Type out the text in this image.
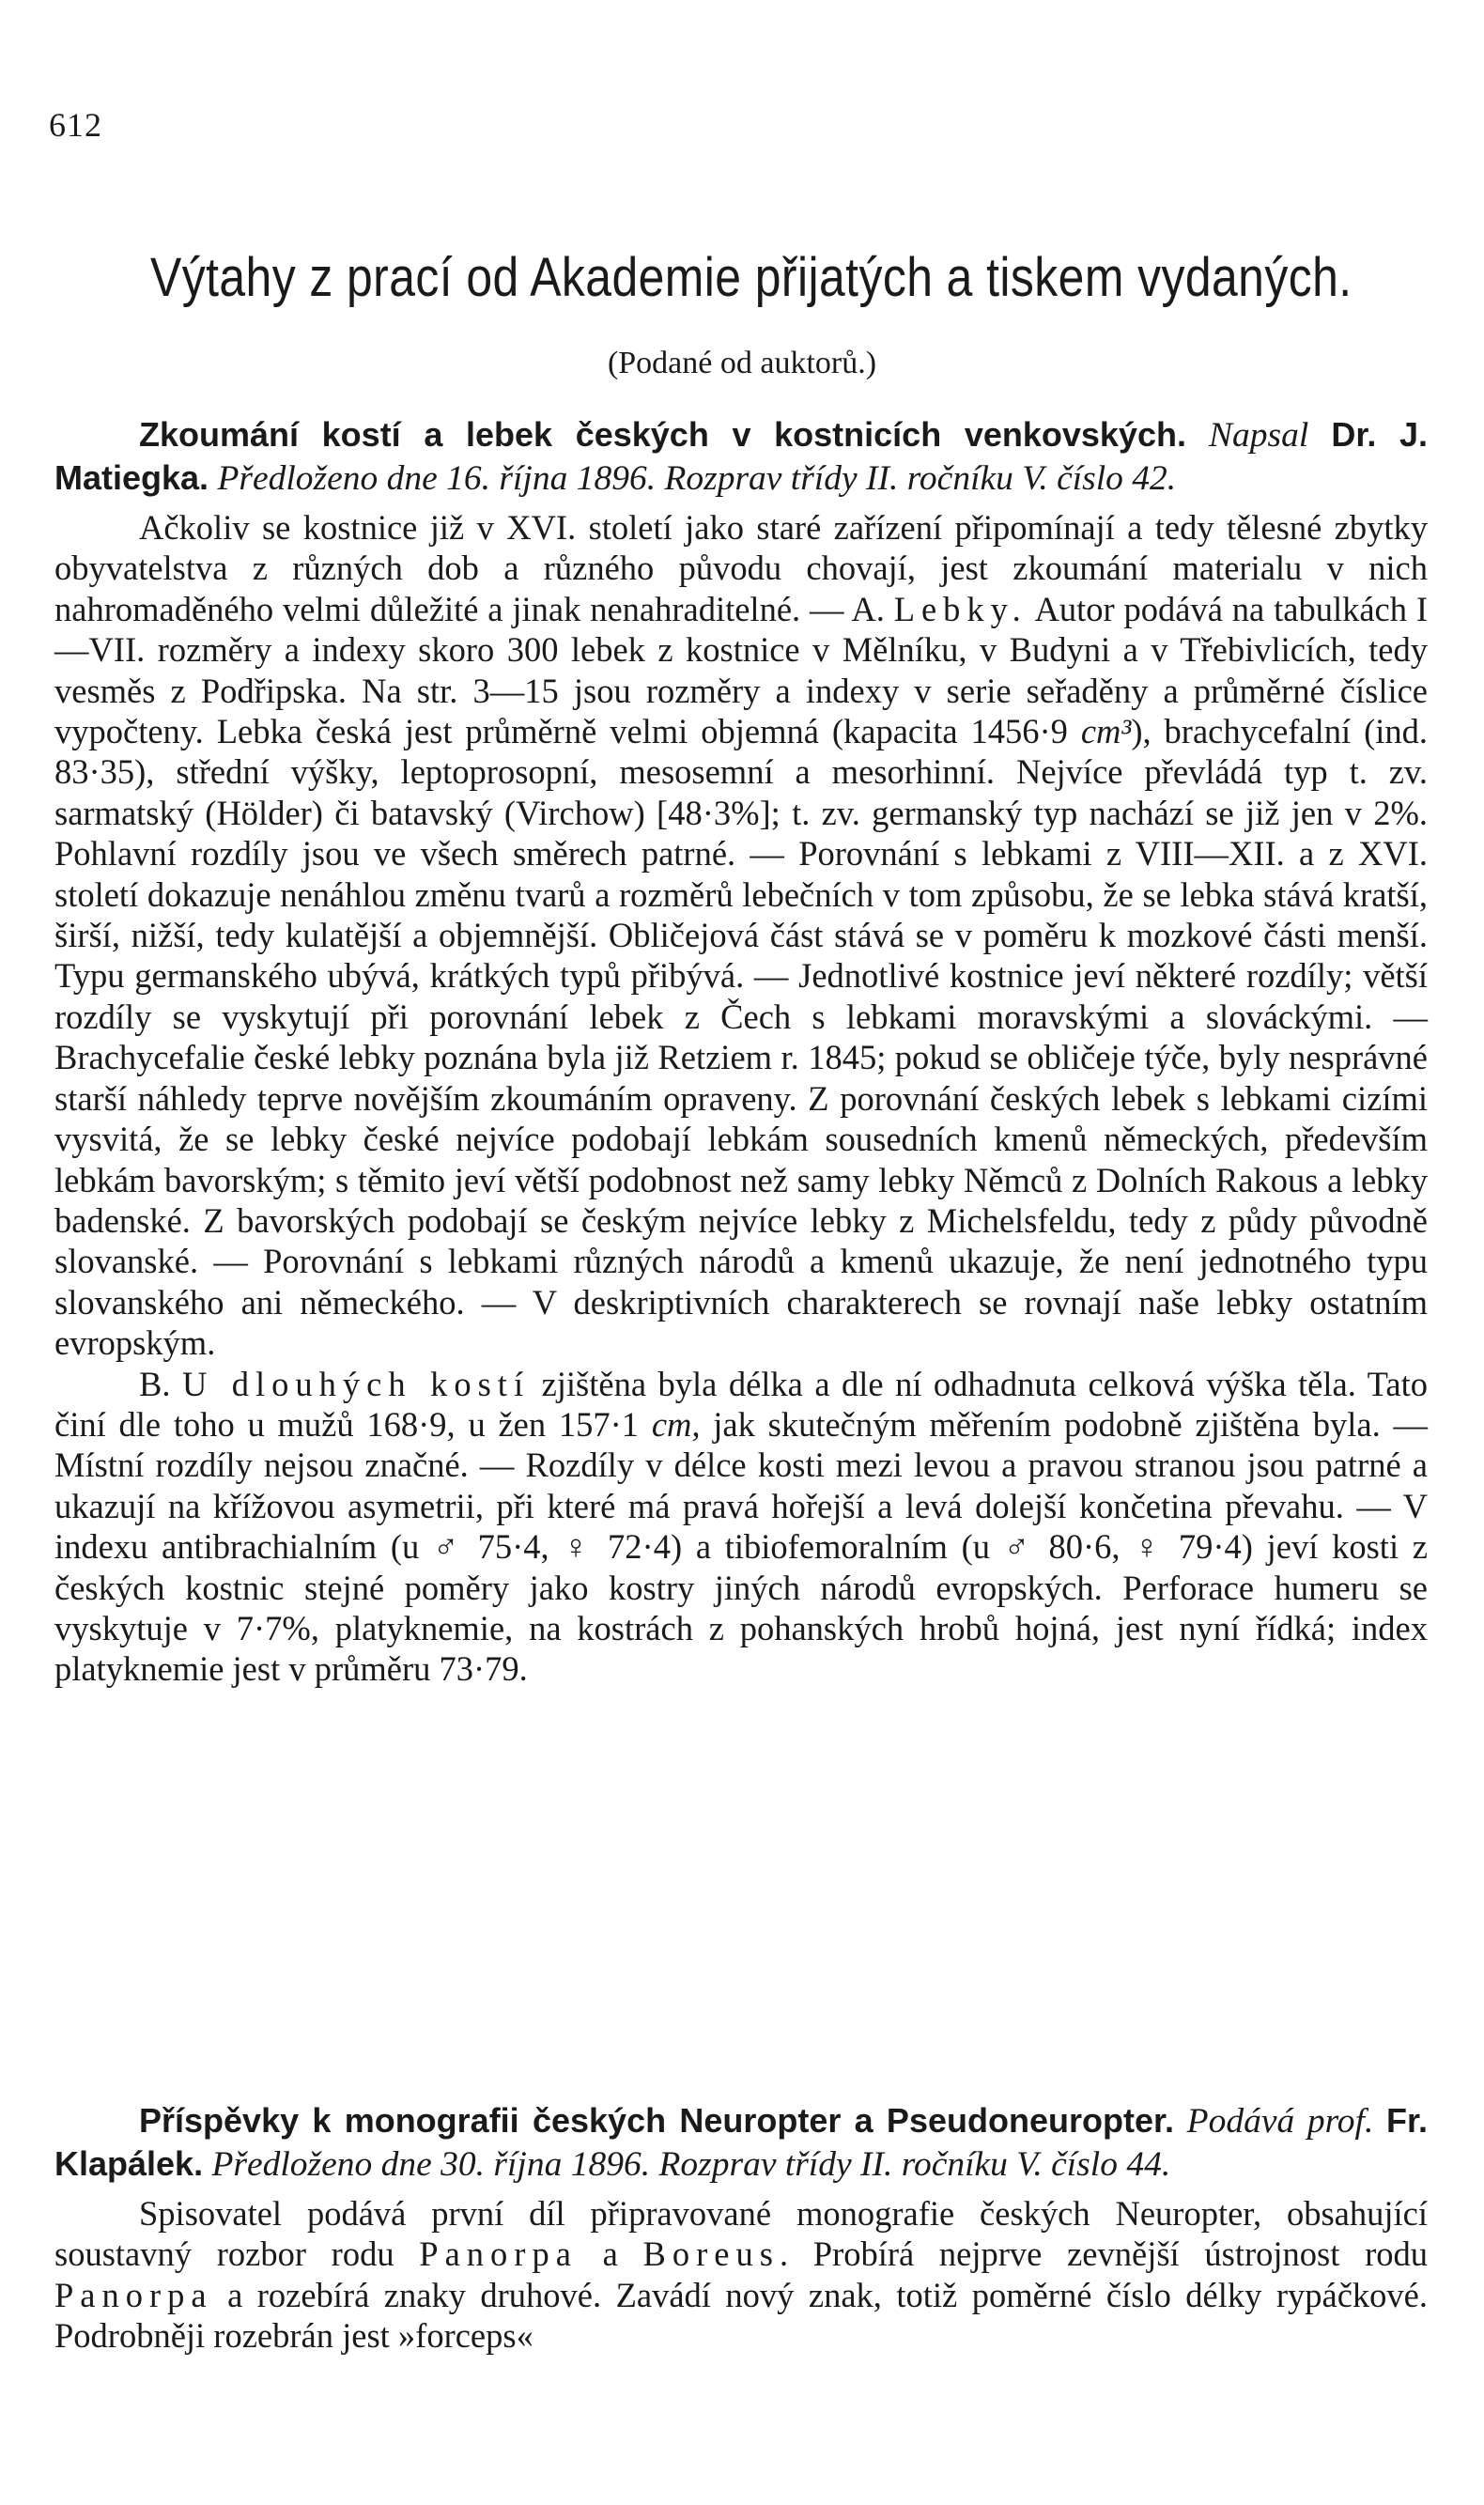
612
Výtahy z prací od Akademie přijatých a tiskem vydaných.
(Podané od auktorů.)
Zkoumání kostí a lebek českých v kostnicích venkovských. Napsal Dr. J. Matiegka. Předloženo dne 16. října 1896. Rozprav třídy II. ročníku V. číslo 42.

Ačkoliv se kostnice již v XVI. století jako staré zařízení připomínají a tedy tělesné zbytky obyvatelstva z různých dob a různého původu chovají, jest zkoumání materialu v nich nahromaděného velmi důležité a jinak nenahraditelné. — A. Lebky. Autor podává na tabulkách I—VII. rozměry a indexy skoro 300 lebek z kostnice v Mělníku, v Budyni a v Třebivlicích, tedy vesměs z Podřipska. Na str. 3—15 jsou rozměry a indexy v serie seřaděny a průměrné číslice vypočteny. Lebka česká jest průměrně velmi objemná (kapacita 1456·9 cm³), brachycefalní (ind. 83·35), střední výšky, leptoprosopní, mesosemní a mesorhinní. Nejvíce převládá typ t. zv. sarmatský (Hölder) či batavský (Virchow) [48·3%]; t. zv. germanský typ nachází se již jen v 2%. Pohlavní rozdíly jsou ve všech směrech patrné. — Porovnání s lebkami z VIII—XII. a z XVI. století dokazuje nenáhlou změnu tvarů a rozměrů lebečních v tom způsobu, že se lebka stává kratší, širší, nižší, tedy kulatější a objemnější. Obličejová část stává se v poměru k mozkové části menší. Typu germanského ubývá, krátkých typů přibývá. — Jednotlivé kostnice jeví některé rozdíly; větší rozdíly se vyskytují při porovnání lebek z Čech s lebkami moravskými a slováckými. — Brachycefalie české lebky poznána byla již Retziem r. 1845; pokud se obličeje týče, byly nesprávné starší náhledy teprve novějším zkoumáním opraveny. Z porovnání českých lebek s lebkami cizími vysvitá, že se lebky české nejvíce podobají lebkám sousedních kmenů německých, především lebkám bavorským; s těmito jeví větší podobnost než samy lebky Němců z Dolních Rakous a lebky badenské. Z bavorských podobají se českým nejvíce lebky z Michelsfeldu, tedy z půdy původně slovanské. — Porovnání s lebkami různých národů a kmenů ukazuje, že není jednotného typu slovanského ani německého. — V deskriptivních charakterech se rovnají naše lebky ostatním evropským.

B. U dlouhých kostí zjištěna byla délka a dle ní odhadnuta celková výška těla. Tato činí dle toho u mužů 168·9, u žen 157·1 cm, jak skutečným měřením podobně zjištěna byla. — Místní rozdíly nejsou značné. — Rozdíly v délce kosti mezi levou a pravou stranou jsou patrné a ukazují na křížovou asymetrii, při které má pravá hořejší a levá dolejší končetina převahu. — V indexu antibrachialním (u ♂ 75·4, ♀ 72·4) a tibiofemoralním (u ♂ 80·6, ♀ 79·4) jeví kosti z českých kostnic stejné poměry jako kostry jiných národů evropských. Perforace humeru se vyskytuje v 7·7%, platyknemie, na kostrách z pohanských hrobů hojná, jest nyní řídká; index platyknemie jest v průměru 73·79.

Příspěvky k monografii českých Neuropter a Pseudoneuropter. Podává prof. Fr. Klapálek. Předloženo dne 30. října 1896. Rozprav třídy II. ročníku V. číslo 44.

Spisovatel podává první díl připravované monografie českých Neuropter, obsahující soustavný rozbor rodu Panorpa a Boreus. Probírá nejprve zevnější ústrojnost rodu Panorpa a rozebírá znaky druhové. Zavádí nový znak, totiž poměrné číslo délky rypáčkové. Podrobněji rozebrán jest »forceps«
